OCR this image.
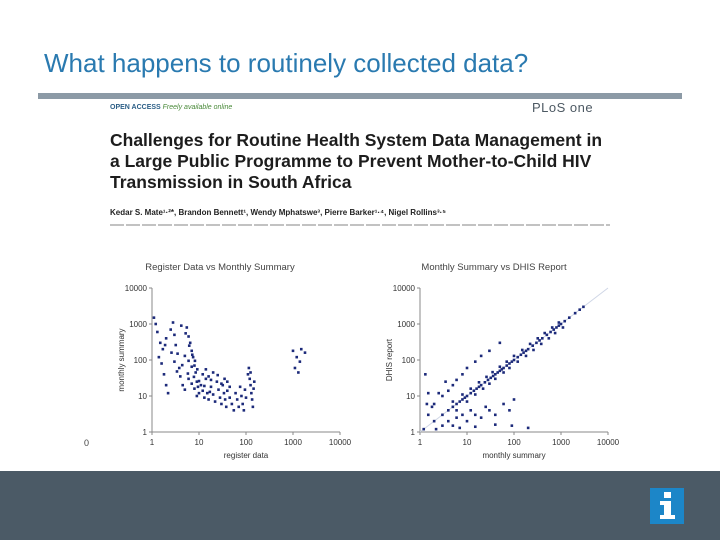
What happens to routinely collected data?
OPEN ACCESS Freely available online	PLoS one
Challenges for Routine Health System Data Management in a Large Public Programme to Prevent Mother-to-Child HIV Transmission in South Africa
Kedar S. Mate¹·²*, Brandon Bennett¹, Wendy Mphatswe³, Pierre Barker¹·⁴, Nigel Rollins³·⁵
0
Register Data vs Monthly Summary
1
10
100
1000
10000
1	10	100	1000	10000
register data
monthly summary
Monthly Summary vs DHIS Report
1
10
100
1000
10000
1	10	100	1000	10000
monthly summary
DHIS report
